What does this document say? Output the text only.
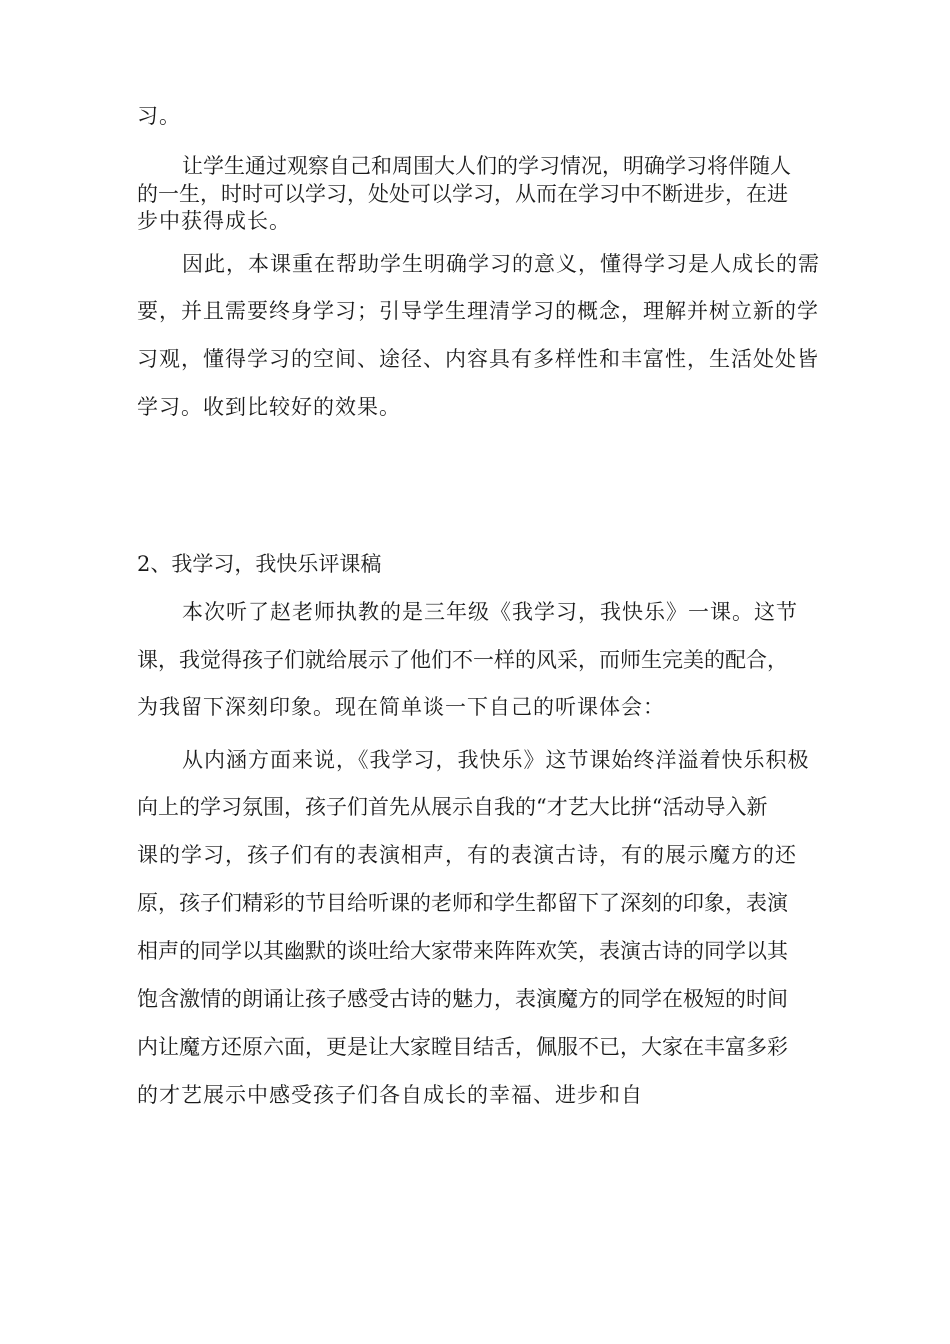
习。
让学生通过观察自己和周围大人们的学习情况，明确学习将伴随人
的一生，时时可以学习，处处可以学习，从而在学习中不断进步，在进
步中获得成长。
因此，本课重在帮助学生明确学习的意义，懂得学习是人成长的需
要，并且需要终身学习；引导学生理清学习的概念，理解并树立新的学
习观，懂得学习的空间、途径、内容具有多样性和丰富性，生活处处皆
学习。收到比较好的效果。
2、我学习，我快乐评课稿
本次听了赵老师执教的是三年级《我学习，我快乐》一课。这节
课，我觉得孩子们就给展示了他们不一样的风采，而师生完美的配合，
为我留下深刻印象。现在简单谈一下自己的听课体会：
从内涵方面来说，《我学习，我快乐》这节课始终洋溢着快乐积极
向上的学习氛围，孩子们首先从展示自我的“才艺大比拼“活动导入新
课的学习，孩子们有的表演相声，有的表演古诗，有的展示魔方的还
原，孩子们精彩的节目给听课的老师和学生都留下了深刻的印象，表演
相声的同学以其幽默的谈吐给大家带来阵阵欢笑，表演古诗的同学以其
饱含激情的朗诵让孩子感受古诗的魅力，表演魔方的同学在极短的时间
内让魔方还原六面，更是让大家瞠目结舌，佩服不已，大家在丰富多彩
的才艺展示中感受孩子们各自成长的幸福、进步和自
